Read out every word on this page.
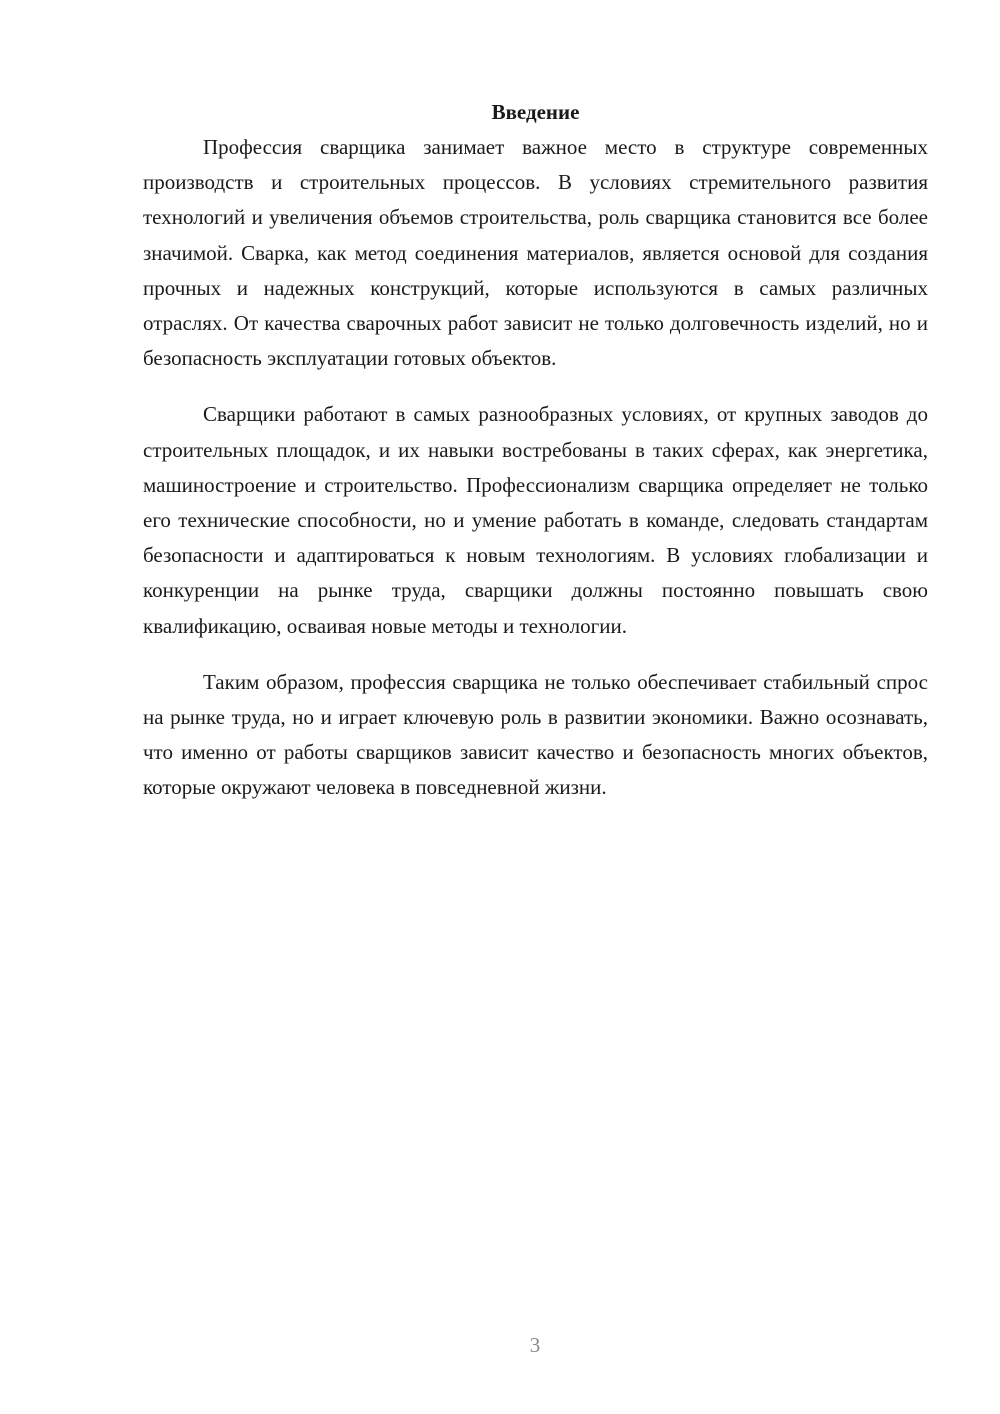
Введение

Профессия сварщика занимает важное место в структуре современных производств и строительных процессов. В условиях стремительного развития технологий и увеличения объемов строительства, роль сварщика становится все более значимой. Сварка, как метод соединения материалов, является основой для создания прочных и надежных конструкций, которые используются в самых различных отраслях. От качества сварочных работ зависит не только долговечность изделий, но и безопасность эксплуатации готовых объектов.

Сварщики работают в самых разнообразных условиях, от крупных заводов до строительных площадок, и их навыки востребованы в таких сферах, как энергетика, машиностроение и строительство. Профессионализм сварщика определяет не только его технические способности, но и умение работать в команде, следовать стандартам безопасности и адаптироваться к новым технологиям. В условиях глобализации и конкуренции на рынке труда, сварщики должны постоянно повышать свою квалификацию, осваивая новые методы и технологии.

Таким образом, профессия сварщика не только обеспечивает стабильный спрос на рынке труда, но и играет ключевую роль в развитии экономики. Важно осознавать, что именно от работы сварщиков зависит качество и безопасность многих объектов, которые окружают человека в повседневной жизни.

3
